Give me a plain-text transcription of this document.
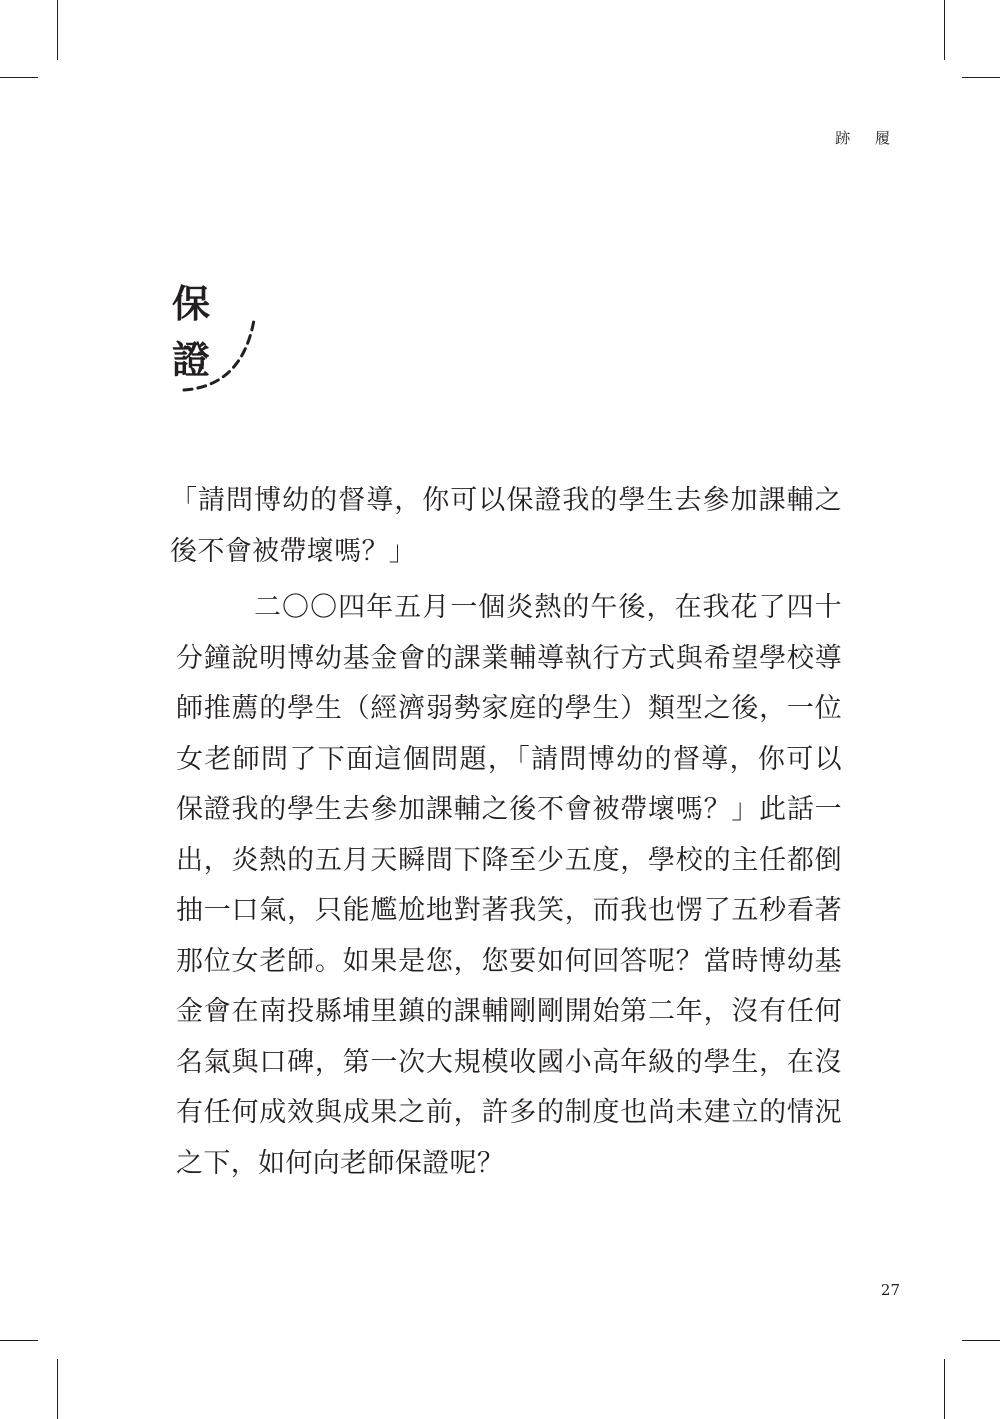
跡 履
保
證

「請問博幼的督導，你可以保證我的學生去參加課輔之後不會被帶壞嗎？」

二〇〇四年五月一個炎熱的午後，在我花了四十分鐘說明博幼基金會的課業輔導執行方式與希望學校導師推薦的學生（經濟弱勢家庭的學生）類型之後，一位女老師問了下面這個問題，「請問博幼的督導，你可以保證我的學生去參加課輔之後不會被帶壞嗎？」此話一出，炎熱的五月天瞬間下降至少五度，學校的主任都倒抽一口氣，只能尷尬地對著我笑，而我也愣了五秒看著那位女老師。如果是您，您要如何回答呢？當時博幼基金會在南投縣埔里鎮的課輔剛剛開始第二年，沒有任何名氣與口碑，第一次大規模收國小高年級的學生，在沒有任何成效與成果之前，許多的制度也尚未建立的情況之下，如何向老師保證呢？

27
